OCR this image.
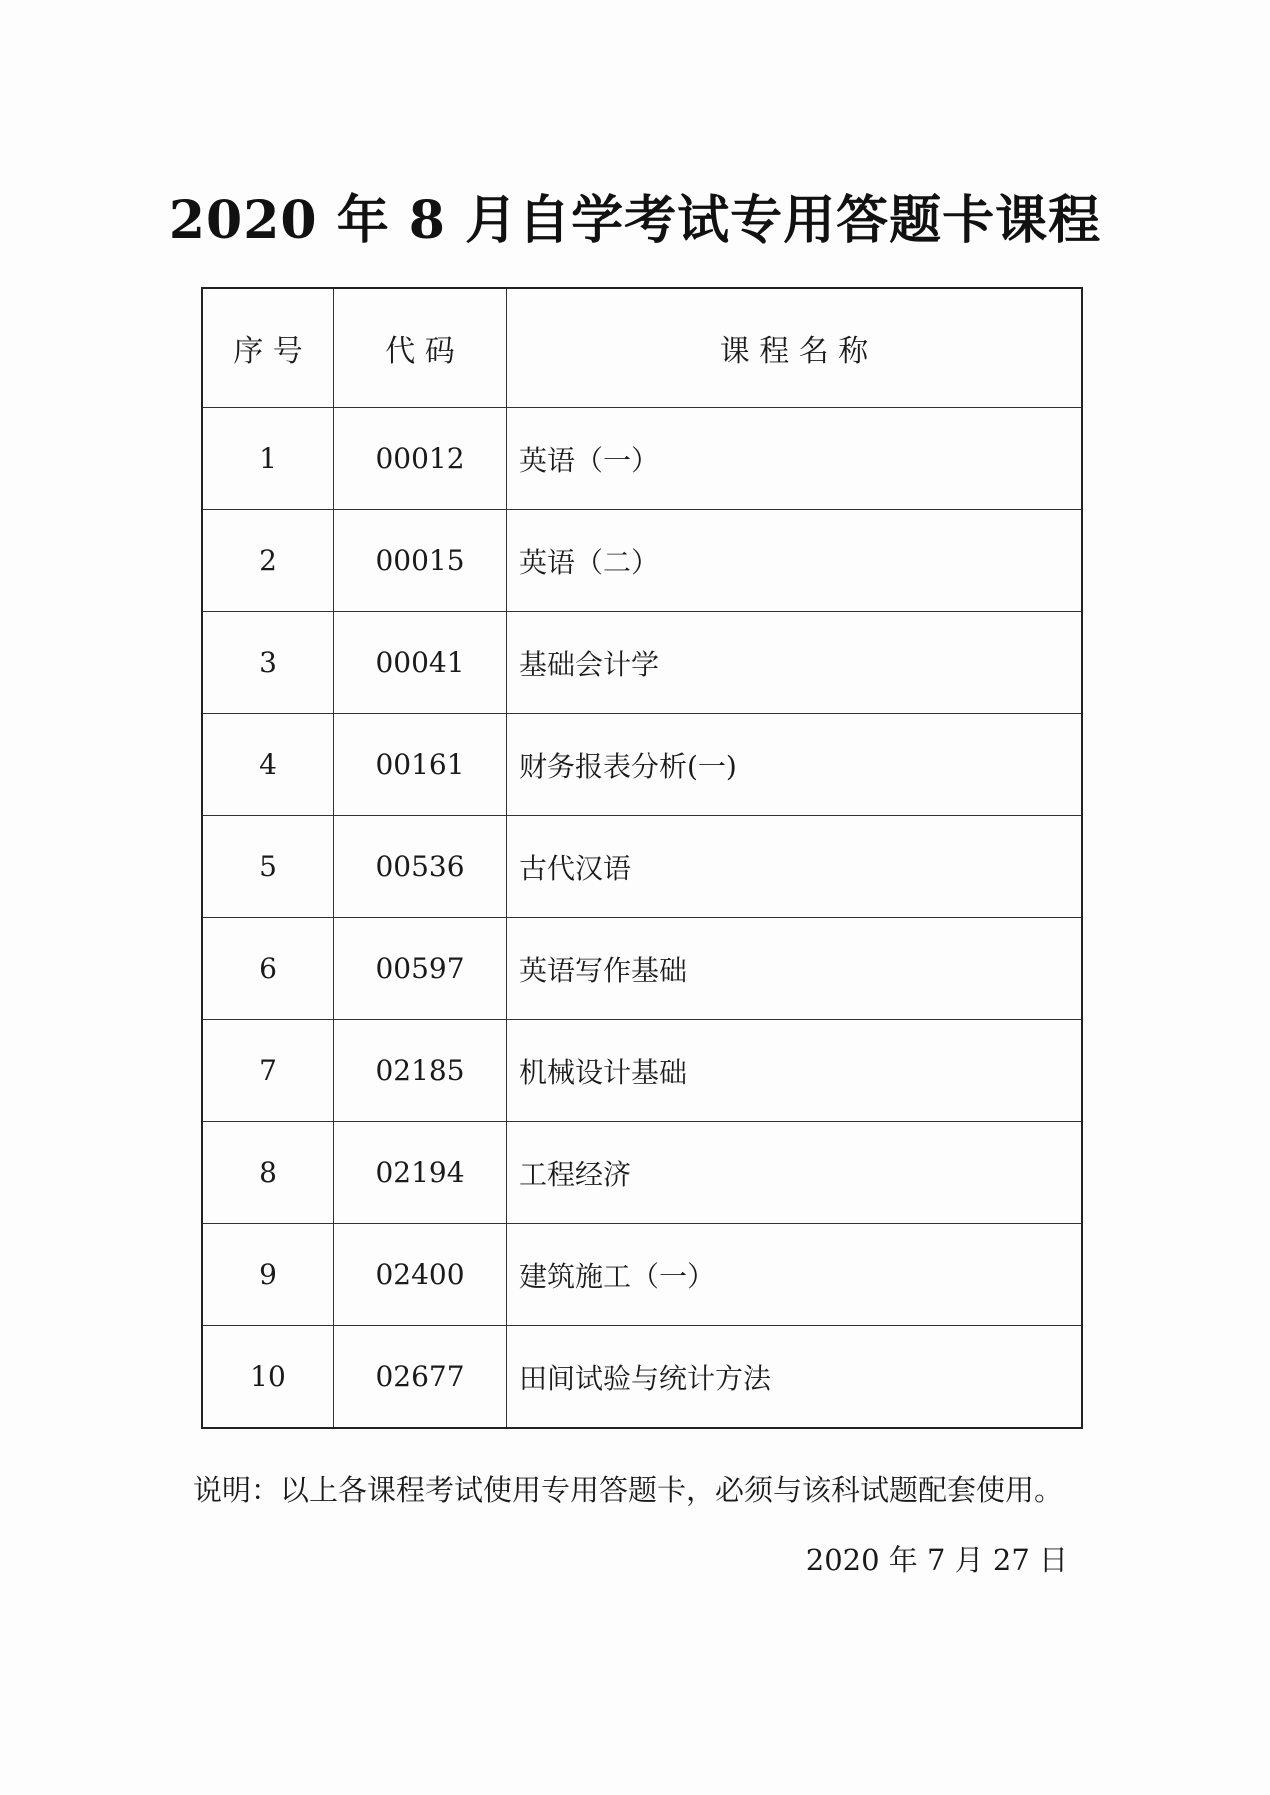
2020 年 8 月自学考试专用答题卡课程
序 号	代 码	课 程 名 称
1	00012	英语（一）
2	00015	英语（二）
3	00041	基础会计学
4	00161	财务报表分析(一)
5	00536	古代汉语
6	00597	英语写作基础
7	02185	机械设计基础
8	02194	工程经济
9	02400	建筑施工（一）
10	02677	田间试验与统计方法
说明：以上各课程考试使用专用答题卡，必须与该科试题配套使用。
2020 年 7 月 27 日
